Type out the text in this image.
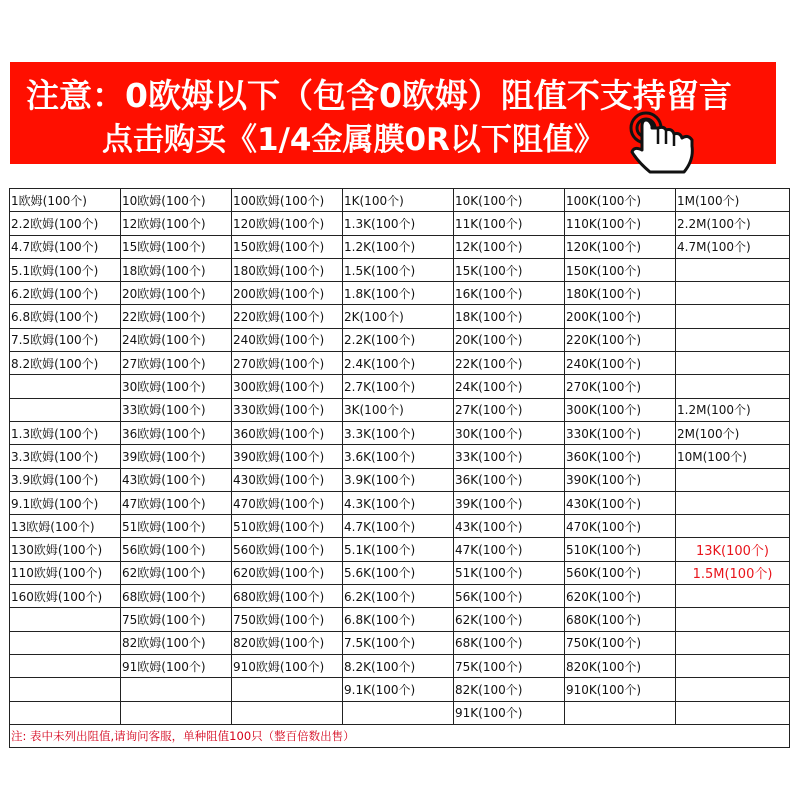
注意：0欧姆以下（包含0欧姆）阻值不支持留言
点击购买《1/4金属膜0R以下阻值》
1欧姆(100个)	10欧姆(100个)	100欧姆(100个)	1K(100个)	10K(100个)	100K(100个)	1M(100个)
2.2欧姆(100个)	12欧姆(100个)	120欧姆(100个)	1.3K(100个)	11K(100个)	110K(100个)	2.2M(100个)
4.7欧姆(100个)	15欧姆(100个)	150欧姆(100个)	1.2K(100个)	12K(100个)	120K(100个)	4.7M(100个)
5.1欧姆(100个)	18欧姆(100个)	180欧姆(100个)	1.5K(100个)	15K(100个)	150K(100个)	
6.2欧姆(100个)	20欧姆(100个)	200欧姆(100个)	1.8K(100个)	16K(100个)	180K(100个)	
6.8欧姆(100个)	22欧姆(100个)	220欧姆(100个)	2K(100个)	18K(100个)	200K(100个)	
7.5欧姆(100个)	24欧姆(100个)	240欧姆(100个)	2.2K(100个)	20K(100个)	220K(100个)	
8.2欧姆(100个)	27欧姆(100个)	270欧姆(100个)	2.4K(100个)	22K(100个)	240K(100个)	
	30欧姆(100个)	300欧姆(100个)	2.7K(100个)	24K(100个)	270K(100个)	
	33欧姆(100个)	330欧姆(100个)	3K(100个)	27K(100个)	300K(100个)	1.2M(100个)
1.3欧姆(100个)	36欧姆(100个)	360欧姆(100个)	3.3K(100个)	30K(100个)	330K(100个)	2M(100个)
3.3欧姆(100个)	39欧姆(100个)	390欧姆(100个)	3.6K(100个)	33K(100个)	360K(100个)	10M(100个)
3.9欧姆(100个)	43欧姆(100个)	430欧姆(100个)	3.9K(100个)	36K(100个)	390K(100个)	
9.1欧姆(100个)	47欧姆(100个)	470欧姆(100个)	4.3K(100个)	39K(100个)	430K(100个)	
13欧姆(100个)	51欧姆(100个)	510欧姆(100个)	4.7K(100个)	43K(100个)	470K(100个)	
130欧姆(100个)	56欧姆(100个)	560欧姆(100个)	5.1K(100个)	47K(100个)	510K(100个)	13K(100个)
110欧姆(100个)	62欧姆(100个)	620欧姆(100个)	5.6K(100个)	51K(100个)	560K(100个)	1.5M(100个)
160欧姆(100个)	68欧姆(100个)	680欧姆(100个)	6.2K(100个)	56K(100个)	620K(100个)	
	75欧姆(100个)	750欧姆(100个)	6.8K(100个)	62K(100个)	680K(100个)	
	82欧姆(100个)	820欧姆(100个)	7.5K(100个)	68K(100个)	750K(100个)	
	91欧姆(100个)	910欧姆(100个)	8.2K(100个)	75K(100个)	820K(100个)	
			9.1K(100个)	82K(100个)	910K(100个)	
				91K(100个)		
注: 表中未列出阻值,请询问客服，单种阻值100只（整百倍数出售）						
